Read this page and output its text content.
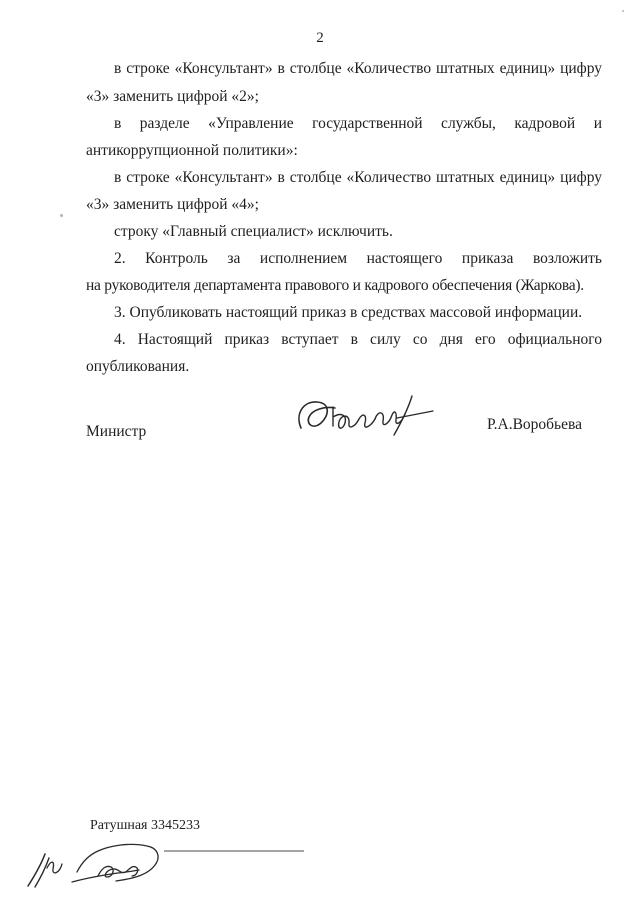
2
в строке «Консультант» в столбце «Количество штатных единиц» цифру
«3» заменить цифрой «2»;
в разделе «Управление государственной службы, кадровой и
антикоррупционной политики»:
в строке «Консультант» в столбце «Количество штатных единиц» цифру
«3» заменить цифрой «4»;
строку «Главный специалист» исключить.
2. Контроль за исполнением настоящего приказа возложить
на руководителя департамента правового и кадрового обеспечения (Жаркова).
3. Опубликовать настоящий приказ в средствах массовой информации.
4. Настоящий приказ вступает в силу со дня его официального
опубликования.
Министр	Р.А.Воробьева
Ратушная 3345233
